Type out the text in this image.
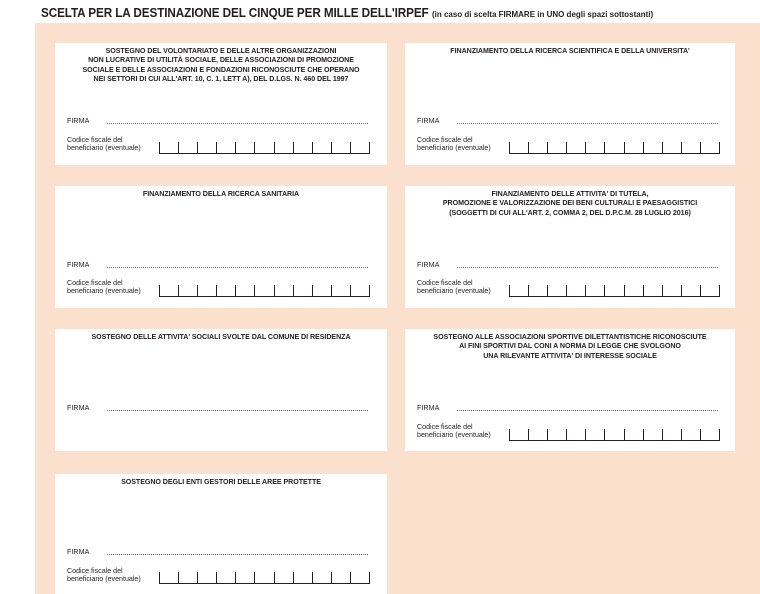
SCELTA PER LA DESTINAZIONE DEL CINQUE PER MILLE DELL'IRPEF (in caso di scelta FIRMARE in UNO degli spazi sottostanti)
SOSTEGNO DEL VOLONTARIATO E DELLE ALTRE ORGANIZZAZIONI
NON LUCRATIVE DI UTILITÀ SOCIALE, DELLE ASSOCIAZIONI DI PROMOZIONE
SOCIALE E DELLE ASSOCIAZIONI E FONDAZIONI RICONOSCIUTE CHE OPERANO
NEI SETTORI DI CUI ALL'ART. 10, C. 1, LETT A), DEL D.LGS. N. 460 DEL 1997
FIRMA
Codice fiscale del
beneficiario (eventuale)
FINANZIAMENTO DELLA RICERCA SCIENTIFICA E DELLA UNIVERSITA'
FIRMA
Codice fiscale del
beneficiario (eventuale)
FINANZIAMENTO DELLA RICERCA SANITARIA
FIRMA
Codice fiscale del
beneficiario (eventuale)
FINANZIAMENTO DELLE ATTIVITA' DI TUTELA,
PROMOZIONE E VALORIZZAZIONE DEI BENI CULTURALI E PAESAGGISTICI
(SOGGETTI DI CUI ALL'ART. 2, COMMA 2, DEL D.P.C.M. 28 LUGLIO 2016)
FIRMA
Codice fiscale del
beneficiario (eventuale)
SOSTEGNO DELLE ATTIVITA' SOCIALI SVOLTE DAL COMUNE DI RESIDENZA
FIRMA
SOSTEGNO ALLE ASSOCIAZIONI SPORTIVE DILETTANTISTICHE RICONOSCIUTE
AI FINI SPORTIVI DAL CONI A NORMA DI LEGGE CHE SVOLGONO
UNA RILEVANTE ATTIVITA' DI INTERESSE SOCIALE
FIRMA
Codice fiscale del
beneficiario (eventuale)
SOSTEGNO DEGLI ENTI GESTORI DELLE AREE PROTETTE
FIRMA
Codice fiscale del
beneficiario (eventuale)
